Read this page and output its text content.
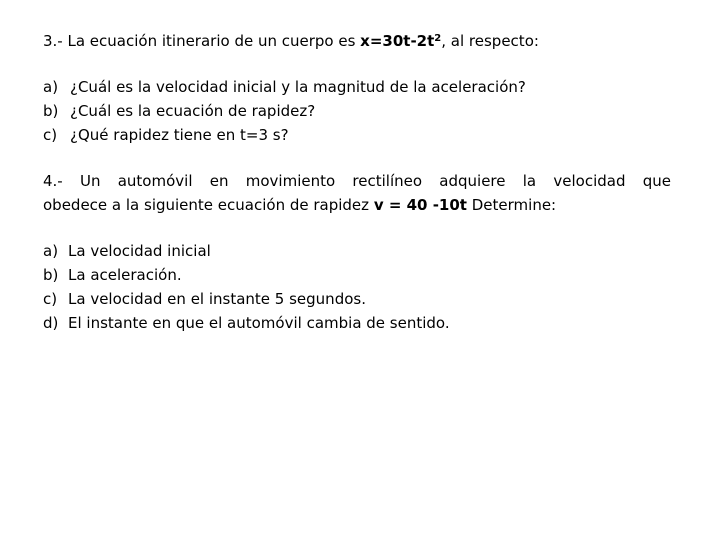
3.- La ecuación itinerario de un cuerpo es $x=30t-2t^2$, al respecto:
a) ¿Cuál es la velocidad inicial y la magnitud de la aceleración?
b) ¿Cuál es la ecuación de rapidez?
c) ¿Qué rapidez tiene en t=3 s?
4.- Un automóvil en movimiento rectilíneo adquiere la velocidad que
obedece a la siguiente ecuación de rapidez v = 40 -10t Determine:
a) La velocidad inicial
b) La aceleración.
c) La velocidad en el instante 5 segundos.
d) El instante en que el automóvil cambia de sentido.
